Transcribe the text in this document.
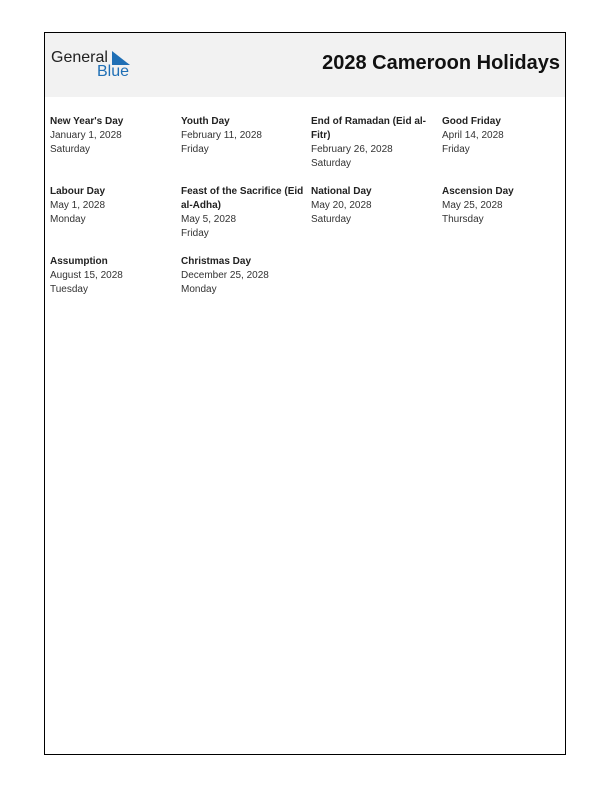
General
Blue	2028 Cameroon Holidays
New Year's Day
January 1, 2028
Saturday
Youth Day
February 11, 2028
Friday
End of Ramadan (Eid al-Fitr)
February 26, 2028
Saturday
Good Friday
April 14, 2028
Friday
Labour Day
May 1, 2028
Monday
Feast of the Sacrifice (Eid al-Adha)
May 5, 2028
Friday
National Day
May 20, 2028
Saturday
Ascension Day
May 25, 2028
Thursday
Assumption
August 15, 2028
Tuesday
Christmas Day
December 25, 2028
Monday
